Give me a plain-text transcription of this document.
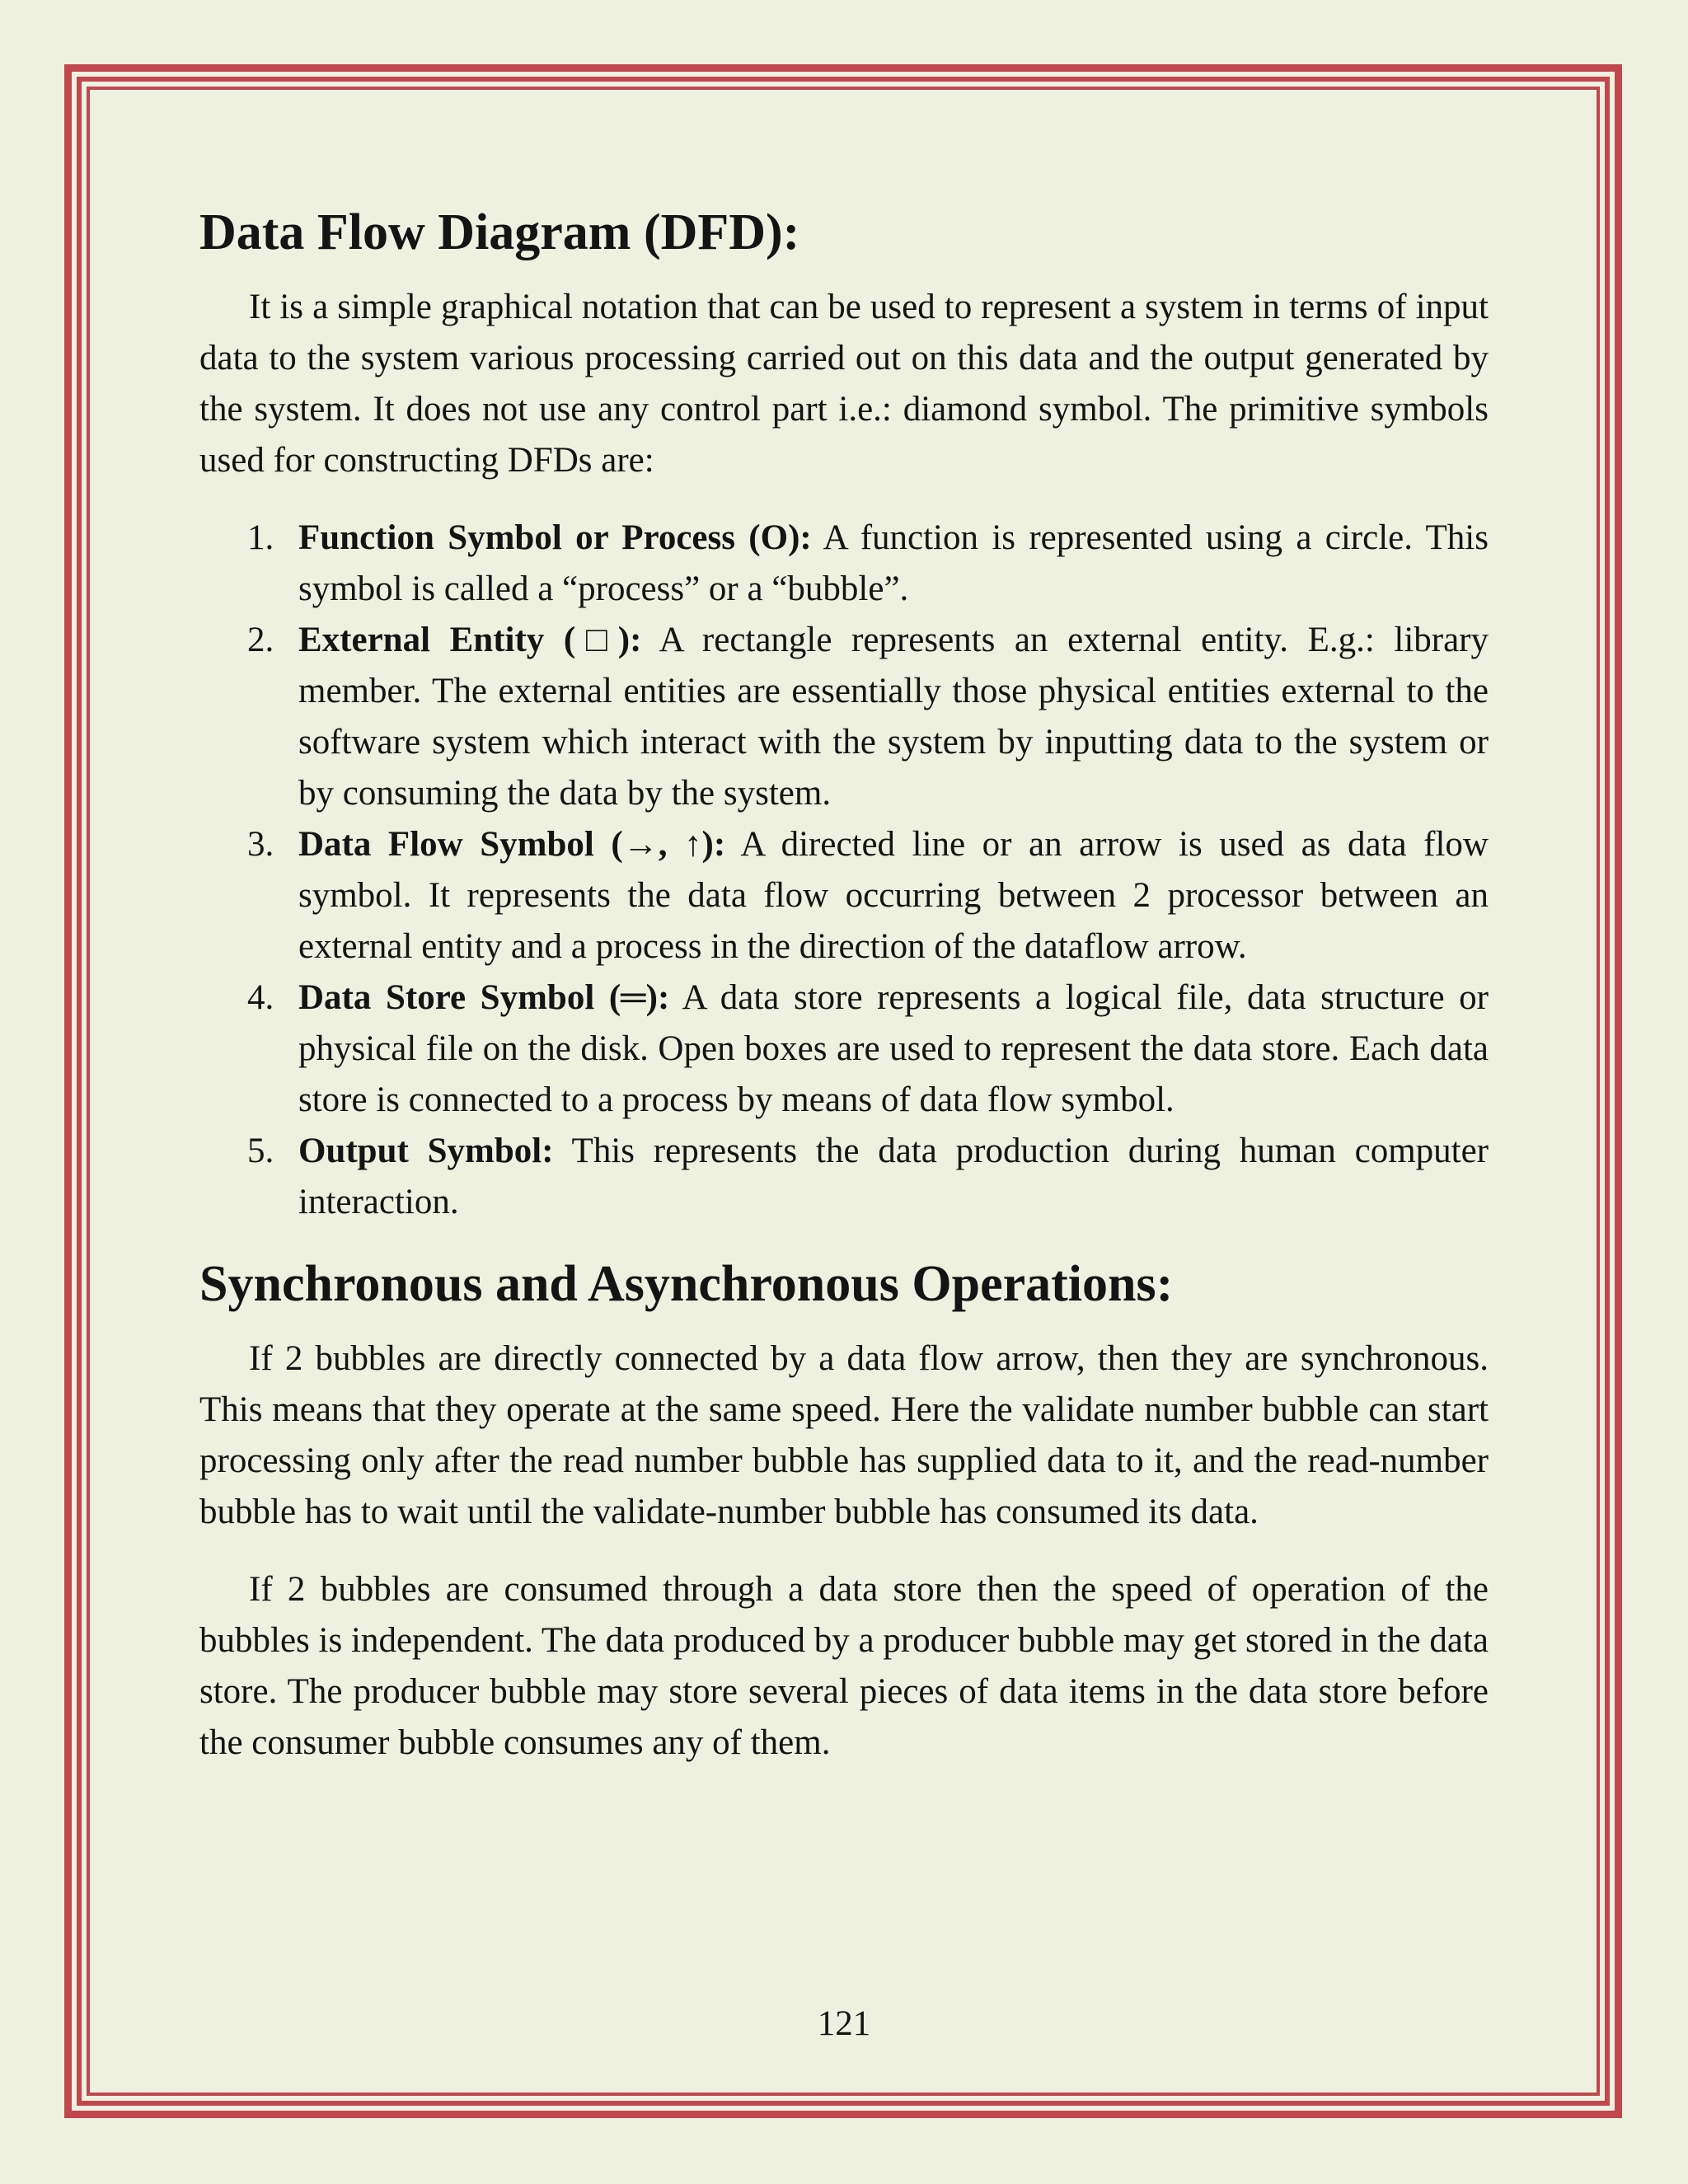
Data Flow Diagram (DFD):

It is a simple graphical notation that can be used to represent a system in terms of input data to the system various processing carried out on this data and the output generated by the system. It does not use any control part i.e.: diamond symbol. The primitive symbols used for constructing DFDs are:

1. Function Symbol or Process (O): A function is represented using a circle. This symbol is called a “process” or a “bubble”.
2. External Entity (□): A rectangle represents an external entity. E.g.: library member. The external entities are essentially those physical entities external to the software system which interact with the system by inputting data to the system or by consuming the data by the system.
3. Data Flow Symbol (→, ↑): A directed line or an arrow is used as data flow symbol. It represents the data flow occurring between 2 processor between an external entity and a process in the direction of the dataflow arrow.
4. Data Store Symbol (═): A data store represents a logical file, data structure or physical file on the disk. Open boxes are used to represent the data store. Each data store is connected to a process by means of data flow symbol.
5. Output Symbol: This represents the data production during human computer interaction.
Synchronous and Asynchronous Operations:

If 2 bubbles are directly connected by a data flow arrow, then they are synchronous. This means that they operate at the same speed. Here the validate number bubble can start processing only after the read number bubble has supplied data to it, and the read-number bubble has to wait until the validate-number bubble has consumed its data.

If 2 bubbles are consumed through a data store then the speed of operation of the bubbles is independent. The data produced by a producer bubble may get stored in the data store. The producer bubble may store several pieces of data items in the data store before the consumer bubble consumes any of them.

121
